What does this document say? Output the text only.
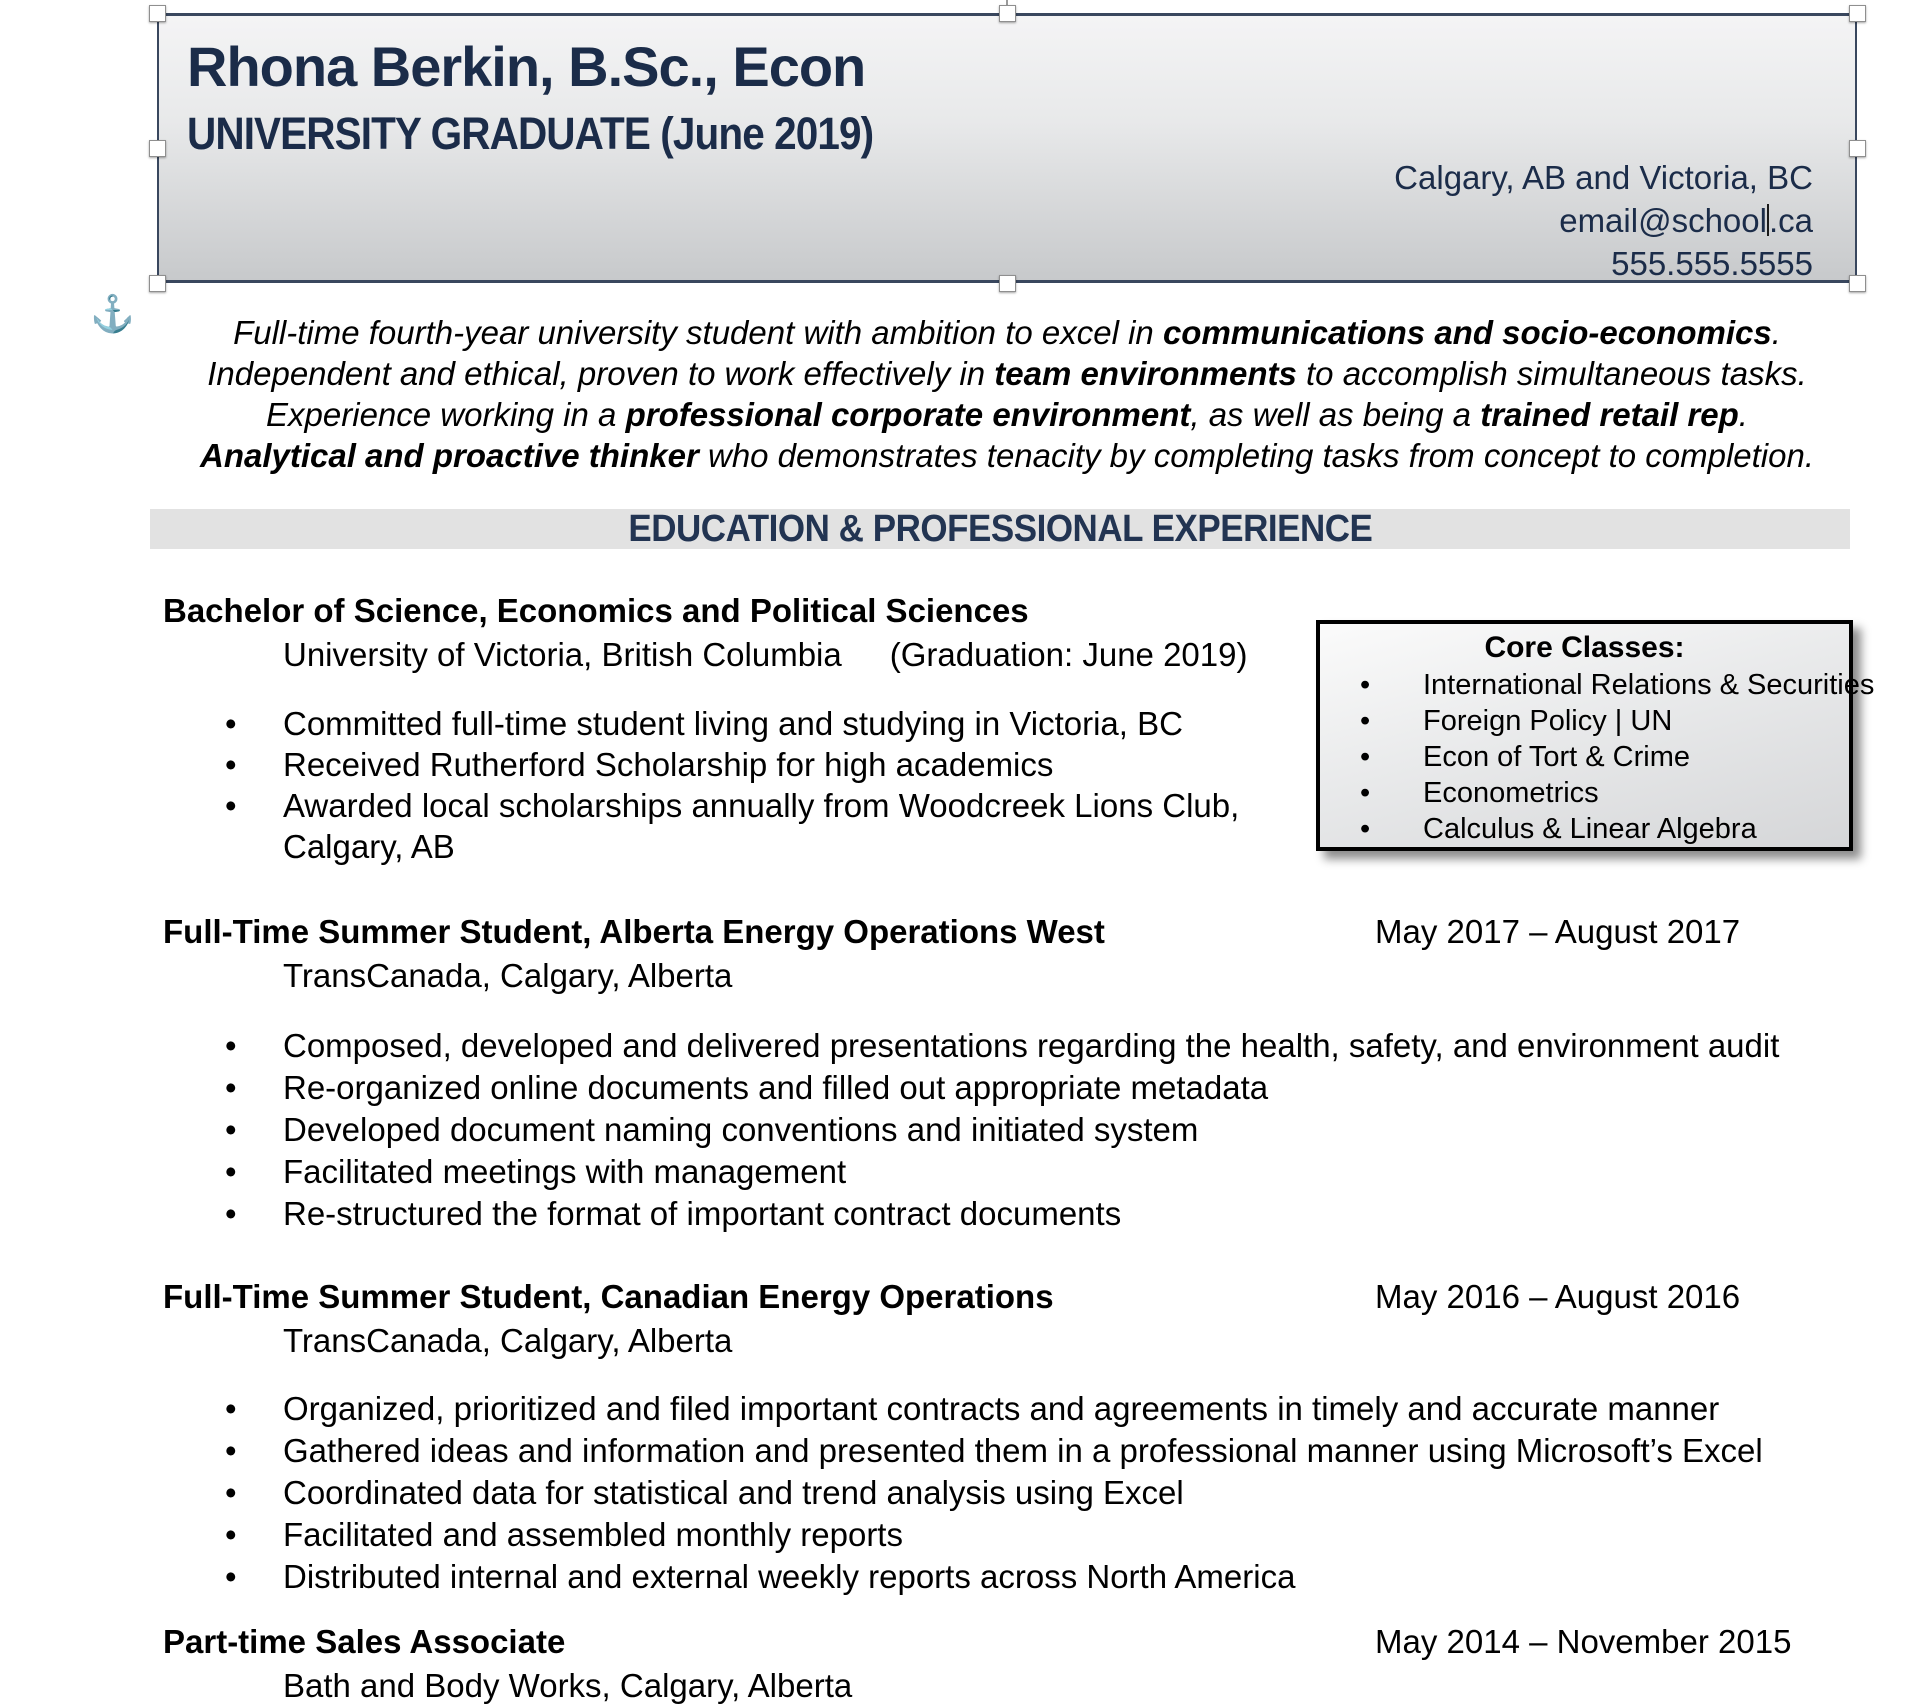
Rhona Berkin, B.Sc., Econ
UNIVERSITY GRADUATE (June 2019)
Calgary, AB and Victoria, BC
email@school.ca
555.555.5555
⚓	Full-time fourth-year university student with ambition to excel in communications and socio-economics.
Independent and ethical, proven to work effectively in team environments to accomplish simultaneous tasks.
Experience working in a professional corporate environment, as well as being a trained retail rep.
Analytical and proactive thinker who demonstrates tenacity by completing tasks from concept to completion.
EDUCATION & PROFESSIONAL EXPERIENCE
Bachelor of Science, Economics and Political Sciences
University of Victoria, British Columbia (Graduation: June 2019)
• Committed full-time student living and studying in Victoria, BC
• Received Rutherford Scholarship for high academics
• Awarded local scholarships annually from Woodcreek Lions Club, Calgary, AB
Core Classes:
• International Relations & Securities
• Foreign Policy | UN
• Econ of Tort & Crime
• Econometrics
• Calculus & Linear Algebra
Full-Time Summer Student, Alberta Energy Operations West	May 2017 – August 2017
TransCanada, Calgary, Alberta
• Composed, developed and delivered presentations regarding the health, safety, and environment audit
• Re-organized online documents and filled out appropriate metadata
• Developed document naming conventions and initiated system
• Facilitated meetings with management
• Re-structured the format of important contract documents
Full-Time Summer Student, Canadian Energy Operations	May 2016 – August 2016
TransCanada, Calgary, Alberta
• Organized, prioritized and filed important contracts and agreements in timely and accurate manner
• Gathered ideas and information and presented them in a professional manner using Microsoft’s Excel
• Coordinated data for statistical and trend analysis using Excel
• Facilitated and assembled monthly reports
• Distributed internal and external weekly reports across North America
Part-time Sales Associate	May 2014 – November 2015
Bath and Body Works, Calgary, Alberta
